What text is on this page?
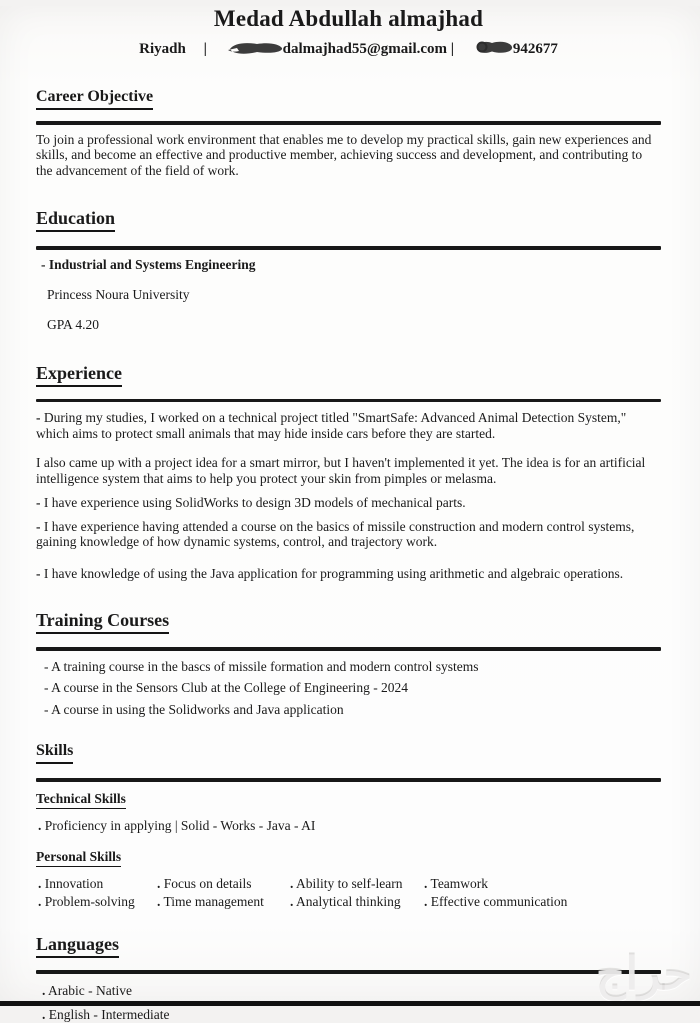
Medad Abdullah almajhad
Riyadh |	dalmajhad55@gmail.com |	942677

Career Objective

To join a professional work environment that enables me to develop my practical skills, gain new experiences and skills, and become an effective and productive member, achieving success and development, and contributing to the advancement of the field of work.

Education

- Industrial and Systems Engineering

Princess Noura University

GPA 4.20

Experience

- During my studies, I worked on a technical project titled "SmartSafe: Advanced Animal Detection System," which aims to protect small animals that may hide inside cars before they are started.

I also came up with a project idea for a smart mirror, but I haven't implemented it yet. The idea is for an artificial intelligence system that aims to help you protect your skin from pimples or melasma.

- I have experience using SolidWorks to design 3D models of mechanical parts.

- I have experience having attended a course on the basics of missile construction and modern control systems, gaining knowledge of how dynamic systems, control, and trajectory work.

- I have knowledge of using the Java application for programming using arithmetic and algebraic operations.

Training Courses

- A training course in the bascs of missile formation and modern control systems

- A course in the Sensors Club at the College of Engineering - 2024

- A course in using the Solidworks and Java application

Skills

Technical Skills

. Proficiency in applying | Solid - Works - Java - AI

Personal Skills

. Innovation	. Focus on details	. Ability to self-learn	. Teamwork
. Problem-solving	. Time management	. Analytical thinking	. Effective communication

Languages

. Arabic - Native

. English - Intermediate

حراج
